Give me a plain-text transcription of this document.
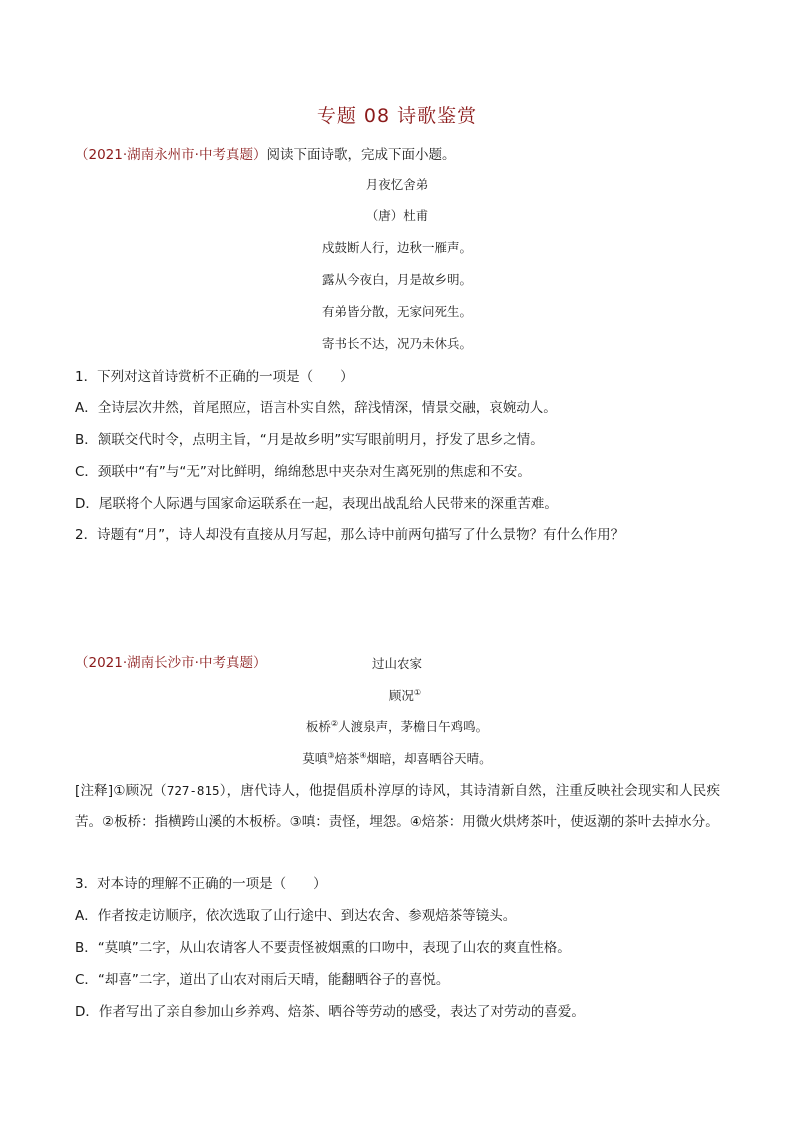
专题 08 诗歌鉴赏
（2021·湖南永州市·中考真题）阅读下面诗歌，完成下面小题。
月夜忆舍弟
（唐）杜甫
戍鼓断人行，边秋一雁声。
露从今夜白，月是故乡明。
有弟皆分散，无家问死生。
寄书长不达，况乃未休兵。
1．下列对这首诗赏析不正确的一项是（　　）
A．全诗层次井然，首尾照应，语言朴实自然，辞浅情深，情景交融，哀婉动人。
B．颔联交代时令，点明主旨，“月是故乡明”实写眼前明月，抒发了思乡之情。
C．颈联中“有”与“无”对比鲜明，绵绵愁思中夹杂对生离死别的焦虑和不安。
D．尾联将个人际遇与国家命运联系在一起，表现出战乱给人民带来的深重苦难。
2．诗题有“月”，诗人却没有直接从月写起，那么诗中前两句描写了什么景物？有什么作用？
（2021·湖南长沙市·中考真题）	过山农家
顾况①
板桥②人渡泉声，茅檐日午鸡鸣。
莫嗔③焙茶④烟暗，却喜晒谷天晴。
[注释]①顾况（727-815），唐代诗人，他提倡质朴淳厚的诗风，其诗清新自然，注重反映社会现实和人民疾苦。②板桥：指横跨山溪的木板桥。③嗔：责怪，埋怨。④焙茶：用微火烘烤茶叶，使返潮的茶叶去掉水分。
3．对本诗的理解不正确的一项是（　　）
A．作者按走访顺序，依次选取了山行途中、到达农舍、参观焙茶等镜头。
B．“莫嗔”二字，从山农请客人不要责怪被烟熏的口吻中，表现了山农的爽直性格。
C．“却喜”二字，道出了山农对雨后天晴，能翻晒谷子的喜悦。
D．作者写出了亲自参加山乡养鸡、焙茶、晒谷等劳动的感受，表达了对劳动的喜爱。
